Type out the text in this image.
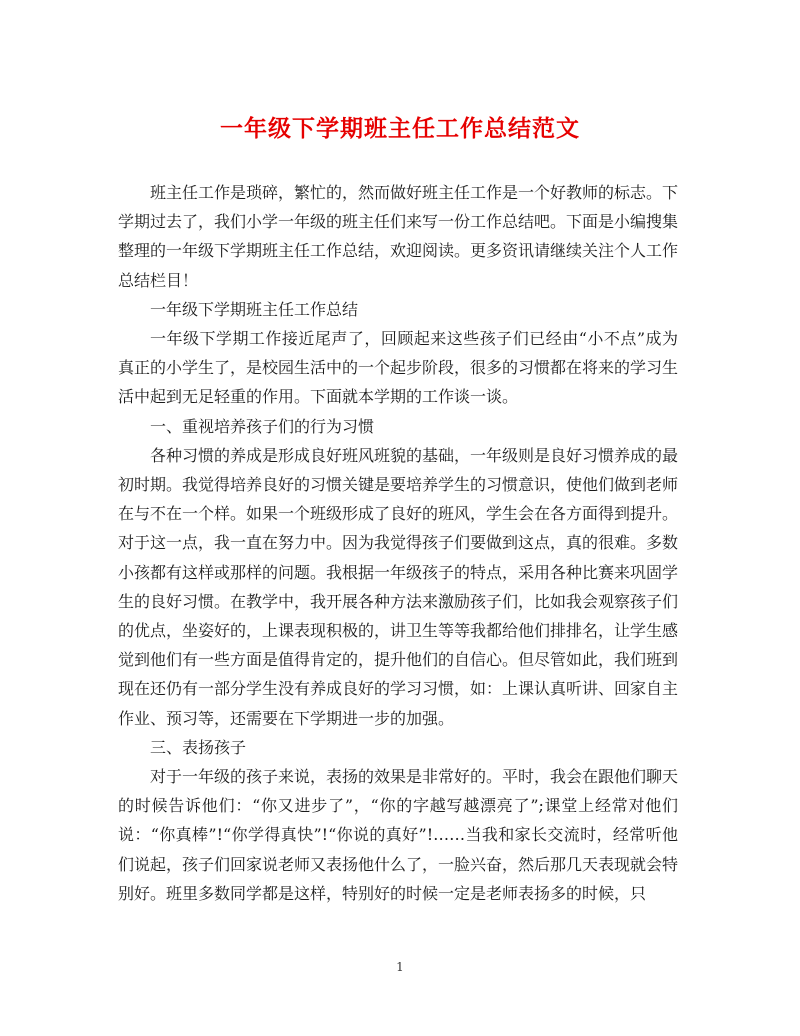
一年级下学期班主任工作总结范文

班主任工作是琐碎，繁忙的，然而做好班主任工作是一个好教师的标志。下学期过去了，我们小学一年级的班主任们来写一份工作总结吧。下面是小编搜集整理的一年级下学期班主任工作总结，欢迎阅读。更多资讯请继续关注个人工作总结栏目！

一年级下学期班主任工作总结

一年级下学期工作接近尾声了，回顾起来这些孩子们已经由“小不点”成为真正的小学生了，是校园生活中的一个起步阶段，很多的习惯都在将来的学习生活中起到无足轻重的作用。下面就本学期的工作谈一谈。

一、重视培养孩子们的行为习惯

各种习惯的养成是形成良好班风班貌的基础，一年级则是良好习惯养成的最初时期。我觉得培养良好的习惯关键是要培养学生的习惯意识，使他们做到老师在与不在一个样。如果一个班级形成了良好的班风，学生会在各方面得到提升。对于这一点，我一直在努力中。因为我觉得孩子们要做到这点，真的很难。多数小孩都有这样或那样的问题。我根据一年级孩子的特点，采用各种比赛来巩固学生的良好习惯。在教学中，我开展各种方法来激励孩子们，比如我会观察孩子们的优点，坐姿好的，上课表现积极的，讲卫生等等我都给他们排排名，让学生感觉到他们有一些方面是值得肯定的，提升他们的自信心。但尽管如此，我们班到现在还仍有一部分学生没有养成良好的学习习惯，如：上课认真听讲、回家自主作业、预习等，还需要在下学期进一步的加强。

三、表扬孩子

对于一年级的孩子来说，表扬的效果是非常好的。平时，我会在跟他们聊天的时候告诉他们：“你又进步了”，“你的字越写越漂亮了”;课堂上经常对他们说：“你真棒”!“你学得真快”!“你说的真好”!……当我和家长交流时，经常听他们说起，孩子们回家说老师又表扬他什么了，一脸兴奋，然后那几天表现就会特别好。班里多数同学都是这样，特别好的时候一定是老师表扬多的时候，只

1
